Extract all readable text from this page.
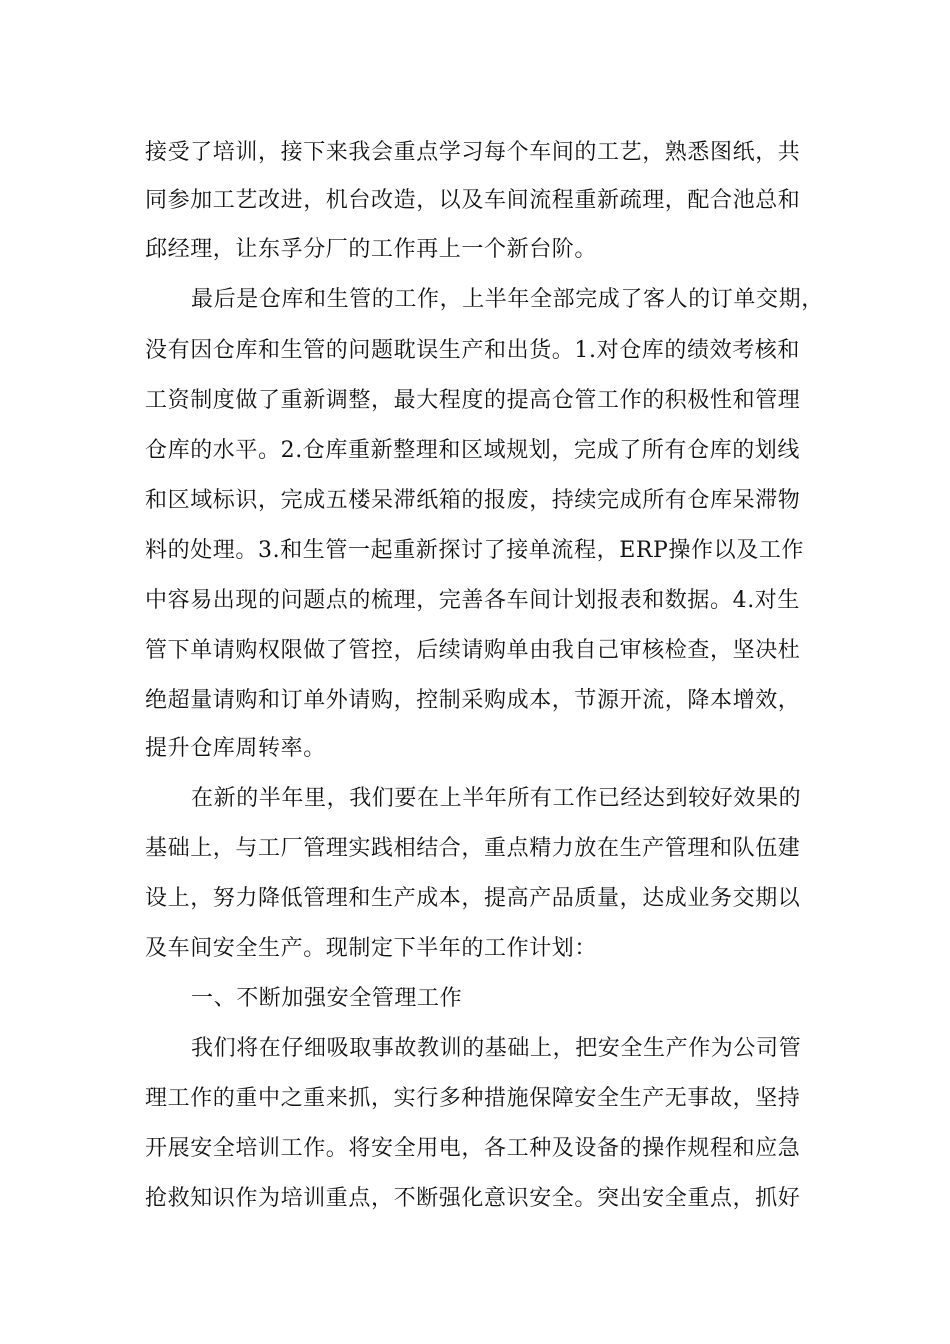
接受了培训，接下来我会重点学习每个车间的工艺，熟悉图纸，共
同参加工艺改进，机台改造，以及车间流程重新疏理，配合池总和
邱经理，让东孚分厂的工作再上一个新台阶。
最后是仓库和生管的工作，上半年全部完成了客人的订单交期，
没有因仓库和生管的问题耽误生产和出货。1.对仓库的绩效考核和
工资制度做了重新调整，最大程度的提高仓管工作的积极性和管理
仓库的水平。2.仓库重新整理和区域规划，完成了所有仓库的划线
和区域标识，完成五楼呆滞纸箱的报废，持续完成所有仓库呆滞物
料的处理。3.和生管一起重新探讨了接单流程，ERP操作以及工作
中容易出现的问题点的梳理，完善各车间计划报表和数据。4.对生
管下单请购权限做了管控，后续请购单由我自己审核检查，坚决杜
绝超量请购和订单外请购，控制采购成本，节源开流，降本增效，
提升仓库周转率。
在新的半年里，我们要在上半年所有工作已经达到较好效果的
基础上，与工厂管理实践相结合，重点精力放在生产管理和队伍建
设上，努力降低管理和生产成本，提高产品质量，达成业务交期以
及车间安全生产。现制定下半年的工作计划：
一、不断加强安全管理工作
我们将在仔细吸取事故教训的基础上，把安全生产作为公司管
理工作的重中之重来抓，实行多种措施保障安全生产无事故，坚持
开展安全培训工作。将安全用电，各工种及设备的操作规程和应急
抢救知识作为培训重点，不断强化意识安全。突出安全重点，抓好
